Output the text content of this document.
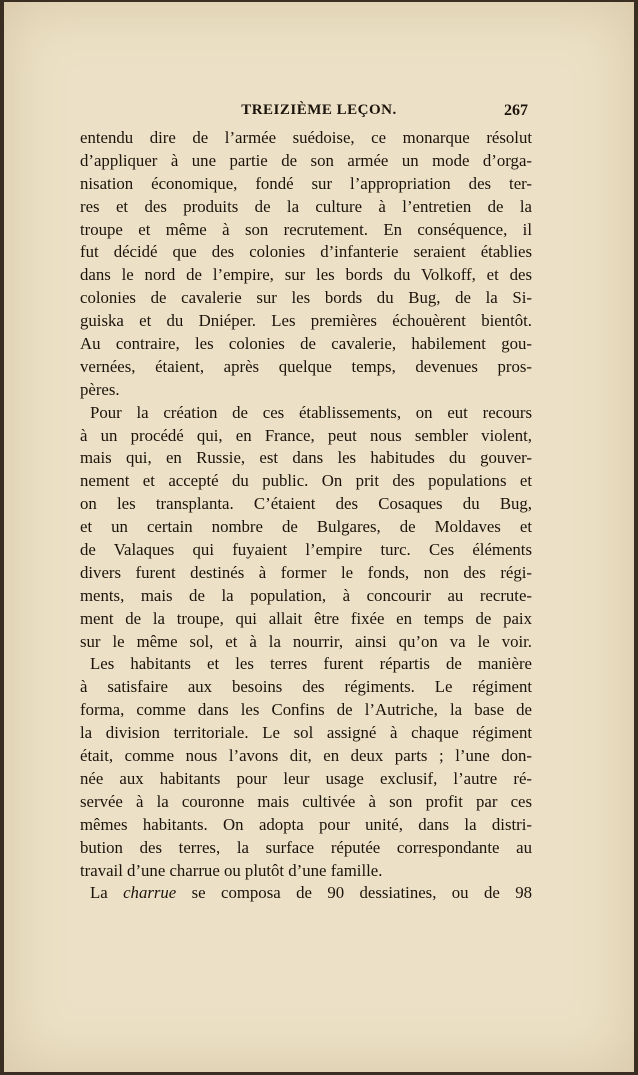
TREIZIÈME LEÇON.	267
entendu dire de l’armée suédoise, ce monarque résolut
d’appliquer à une partie de son armée un mode d’orga-
nisation économique, fondé sur l’appropriation des ter-
res et des produits de la culture à l’entretien de la
troupe et même à son recrutement. En conséquence, il
fut décidé que des colonies d’infanterie seraient établies
dans le nord de l’empire, sur les bords du Volkoff, et des
colonies de cavalerie sur les bords du Bug, de la Si-
guiska et du Dniéper. Les premières échouèrent bientôt.
Au contraire, les colonies de cavalerie, habilement gou-
vernées, étaient, après quelque temps, devenues pros-
pères.
Pour la création de ces établissements, on eut recours
à un procédé qui, en France, peut nous sembler violent,
mais qui, en Russie, est dans les habitudes du gouver-
nement et accepté du public. On prit des populations et
on les transplanta. C’étaient des Cosaques du Bug,
et un certain nombre de Bulgares, de Moldaves et
de Valaques qui fuyaient l’empire turc. Ces éléments
divers furent destinés à former le fonds, non des régi-
ments, mais de la population, à concourir au recrute-
ment de la troupe, qui allait être fixée en temps de paix
sur le même sol, et à la nourrir, ainsi qu’on va le voir.
Les habitants et les terres furent répartis de manière
à satisfaire aux besoins des régiments. Le régiment
forma, comme dans les Confins de l’Autriche, la base de
la division territoriale. Le sol assigné à chaque régiment
était, comme nous l’avons dit, en deux parts ; l’une don-
née aux habitants pour leur usage exclusif, l’autre ré-
servée à la couronne mais cultivée à son profit par ces
mêmes habitants. On adopta pour unité, dans la distri-
bution des terres, la surface réputée correspondante au
travail d’une charrue ou plutôt d’une famille.
La charrue se composa de 90 dessiatines, ou de 98
